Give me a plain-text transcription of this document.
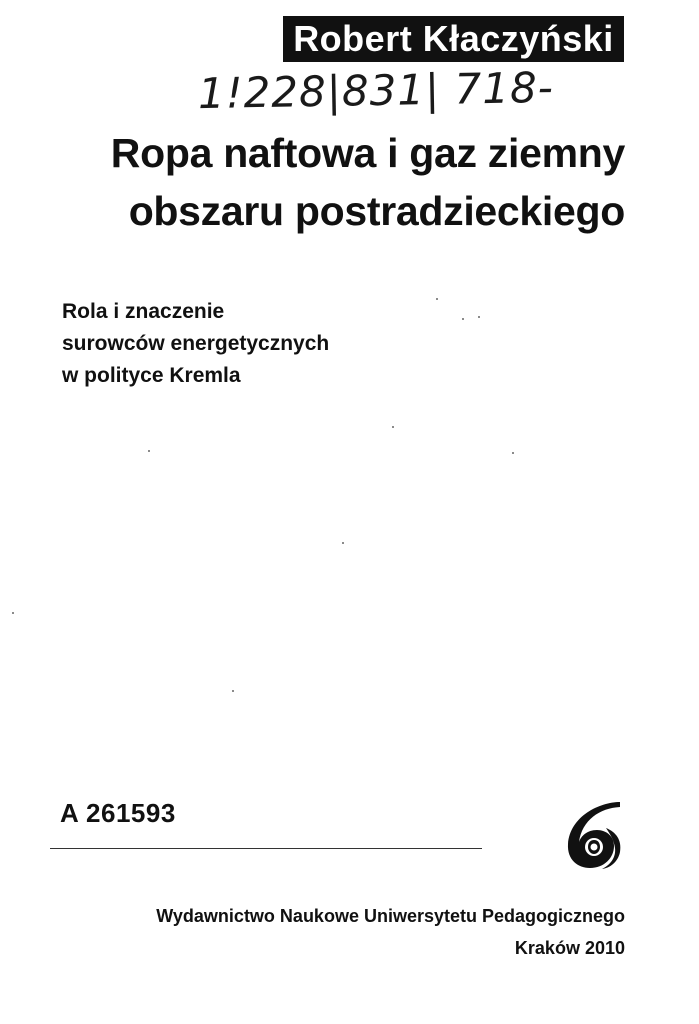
Robert Kłaczyński
1!228|831| 718-
Ropa naftowa i gaz ziemny
obszaru postradzieckiego
Rola i znaczenie
surowców energetycznych
w polityce Kremla
A 261593
Wydawnictwo Naukowe Uniwersytetu Pedagogicznego
Kraków 2010
